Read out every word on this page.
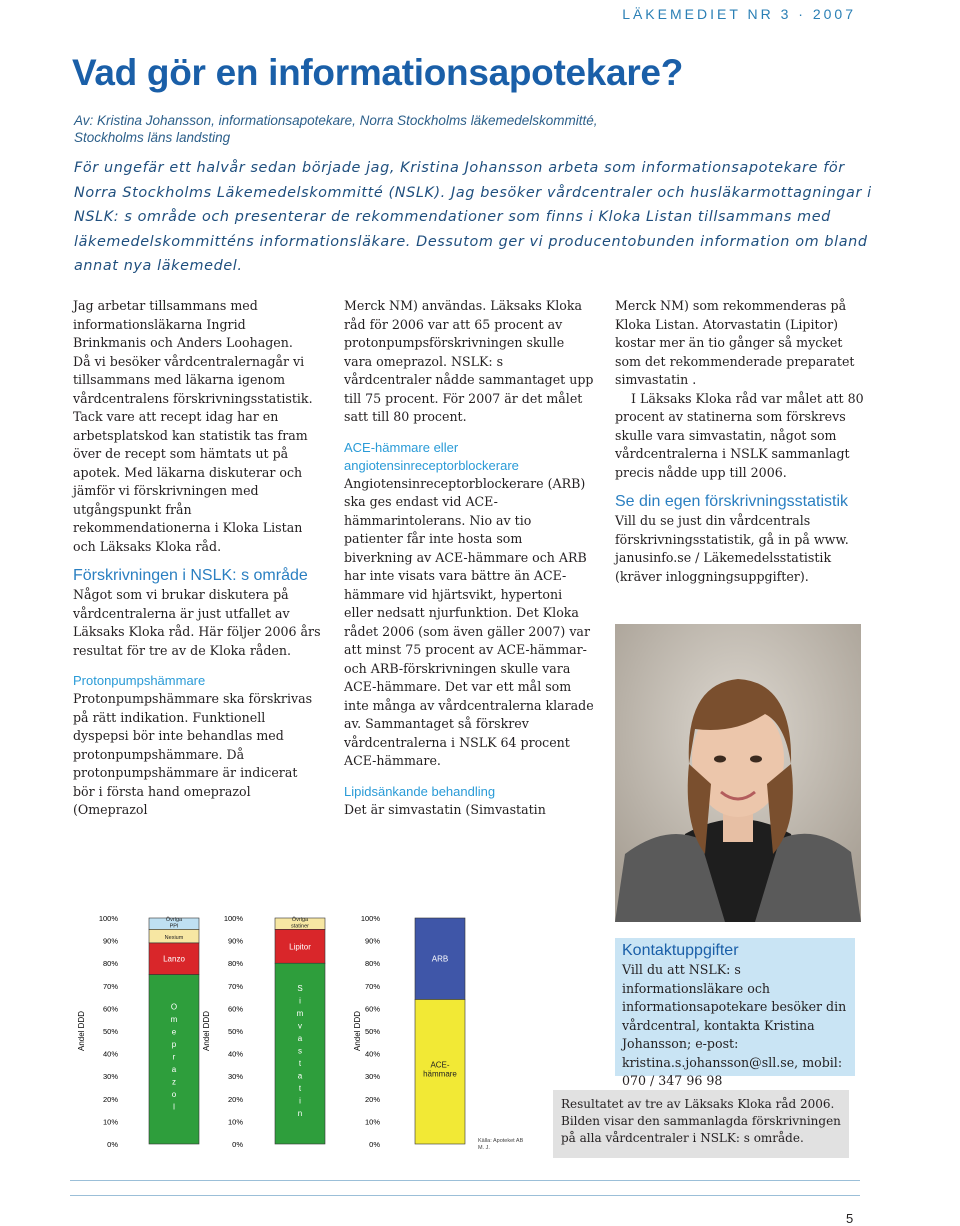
LÄKEMEDIET NR 3 · 2007
Vad gör en informationsapotekare?
Av: Kristina Johansson, informationsapotekare, Norra Stockholms läkemedelskommitté, Stockholms läns landsting
För ungefär ett halvår sedan började jag, Kristina Johansson arbeta som informationsapotekare för Norra Stockholms Läkemedelskommitté (NSLK). Jag besöker vårdcentraler och husläkarmottagningar i NSLK: s område och presenterar de rekommendationer som finns i Kloka Listan tillsammans med läkemedelskommitténs informationsläkare. Dessutom ger vi producentobunden information om bland annat nya läkemedel.

Jag arbetar tillsammans med informationsläkarna Ingrid Brinkmanis och Anders Loohagen.

Då vi besöker vårdcentralernagår vi tillsammans med läkarna igenom vårdcentralens förskrivningsstatistik. Tack vare att recept idag har en arbetsplatskod kan statistik tas fram över de recept som hämtats ut på apotek. Med läkarna diskuterar och jämför vi förskrivningen med utgångspunkt från rekommendationerna i Kloka Listan och Läksaks Kloka råd.

Förskrivningen i NSLK: s område

Något som vi brukar diskutera på vårdcentralerna är just utfallet av Läksaks Kloka råd. Här följer 2006 års resultat för tre av de Kloka råden.

Protonpumpshämmare

Protonpumpshämmare ska förskrivas på rätt indikation. Funktionell dyspepsi bör inte behandlas med protonpumpshämmare. Då protonpumpshämmare är indicerat bör i första hand omeprazol (Omeprazol

Merck NM) användas. Läksaks Kloka råd för 2006 var att 65 procent av protonpumpsförskrivningen skulle vara omeprazol. NSLK: s vårdcentraler nådde sammantaget upp till 75 procent. För 2007 är det målet satt till 80 procent.

ACE-hämmare eller angiotensinreceptorblockerare

Angiotensinreceptorblockerare (ARB) ska ges endast vid ACE-hämmarintolerans. Nio av tio patienter får inte hosta som biverkning av ACE-hämmare och ARB har inte visats vara bättre än ACE-hämmare vid hjärtsvikt, hypertoni eller nedsatt njurfunktion. Det Kloka rådet 2006 (som även gäller 2007) var att minst 75 procent av ACE-hämmar- och ARB-förskrivningen skulle vara ACE-hämmare. Det var ett mål som inte många av vårdcentralerna klarade av. Sammantaget så förskrev vårdcentralerna i NSLK 64 procent ACE-hämmare.

Lipidsänkande behandling

Det är simvastatin (Simvastatin

Merck NM) som rekommenderas på Kloka Listan. Atorvastatin (Lipitor) kostar mer än tio gånger så mycket som det rekommenderade preparatet simvastatin .

I Läksaks Kloka råd var målet att 80 procent av statinerna som förskrevs skulle vara simvastatin, något som vårdcentralerna i NSLK sammanlagt precis nådde upp till 2006.

Se din egen förskrivningsstatistik

Vill du se just din vårdcentrals förskrivningsstatistik, gå in på www. janusinfo.se / Läkemedelsstatistik (kräver inloggningsuppgifter).

Kontaktuppgifter
Vill du att NSLK: s informationsläkare och informationsapotekare besöker din vårdcentral, kontakta Kristina Johansson; e-post: kristina.s.johansson@sll.se, mobil: 070 / 347 96 98
Resultatet av tre av Läksaks Kloka råd 2006. Bilden visar den sammanlagda förskrivningen på alla vårdcentraler i NSLK: s område.
Andel DDD
0%
10%
20%
30%
40%
50%
60%
70%
80%
90%
100%
O m e p r a z o l
Lanzo
Nexium
Övriga PPI
Andel DDD
0%
10%
20%
30%
40%
50%
60%
70%
80%
90%
100%
S i m v a s t a t i n
Lipitor
Övriga statiner
Andel DDD
0%
10%
20%
30%
40%
50%
60%
70%
80%
90%
100%
ACE-hämmare
ARB
Källa: Apoteket AB M. J.
5
